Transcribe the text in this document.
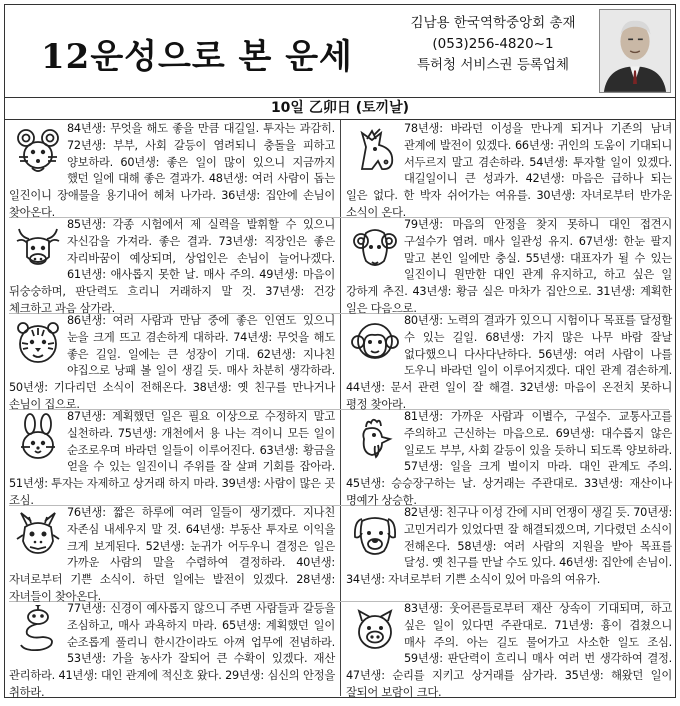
12운성으로 본 운세
김남용 한국역학중앙회 총재
(053)256-4820~1
특허청 서비스권 등록업체
10일 乙卯日 (토끼날)

84년생: 무엇을 해도 좋을 만큼 대길일. 투자는 과감히. 72년생: 부부, 사회 갈등이 염려되니 충돌을 피하고 양보하라. 60년생: 좋은 일이 많이 있으니 지금까지 했던 일에 대해 좋은 결과가. 48년생: 여러 사람이 돕는 일진이니 장애물을 용기내어 헤쳐 나가라. 36년생: 집안에 손님이 찾아온다.

78년생: 바라던 이성을 만나게 되거나 기존의 남녀 관계에 발전이 있겠다. 66년생: 귀인의 도움이 기대되니 서두르지 말고 겸손하라. 54년생: 투자할 일이 있겠다. 대길일이니 큰 성과가. 42년생: 마음은 급하나 되는 일은 없다. 한 박자 쉬어가는 여유를. 30년생: 자녀로부터 반가운 소식이 온다.

85년생: 각종 시험에서 제 실력을 발휘할 수 있으니 자신감을 가져라. 좋은 결과. 73년생: 직장인은 좋은 자리바꿈이 예상되며, 상업인은 손님이 늘어나겠다. 61년생: 애사롭지 못한 날. 매사 주의. 49년생: 마음이 뒤숭숭하며, 판단력도 흐리니 거래하지 말 것. 37년생: 건강 체크하고 과음 삼가라.

79년생: 마음의 안정을 찾지 못하니 대인 접견시 구설수가 염려. 매사 일관성 유지. 67년생: 한눈 팔지 말고 본인 일에만 충실. 55년생: 대표자가 될 수 있는 일진이니 원만한 대인 관계 유지하고, 하고 싶은 일 강하게 추진. 43년생: 황금 실은 마차가 집안으로. 31년생: 계획한 일은 다음으로.

86년생: 여러 사람과 만남 중에 좋은 인연도 있으니 눈을 크게 뜨고 겸손하게 대하라. 74년생: 무엇을 해도 좋은 길일. 일에는 큰 성장이 기대. 62년생: 지나친 야집으로 낭패 볼 일이 생길 듯. 매사 차분히 생각하라. 50년생: 기다리던 소식이 전해온다. 38년생: 옛 친구를 만나거나 손님이 집으로.

80년생: 노력의 결과가 있으니 시험이나 목표를 달성할 수 있는 길일. 68년생: 가지 많은 나무 바람 잘날 없다했으니 다사다난하다. 56년생: 여러 사람이 나를 도우니 바라던 일이 이루어지겠다. 대인 관계 겸손하게. 44년생: 문서 관련 일이 잘 해결. 32년생: 마음이 온전치 못하니 평정 찾아라.

87년생: 계획했던 일은 필요 이상으로 수정하지 말고 실천하라. 75년생: 개천에서 용 나는 격이니 모든 일이 순조로우며 바라던 일들이 이루어진다. 63년생: 황금을 얻을 수 있는 일진이니 주위를 잘 살펴 기회를 잡아라. 51년생: 투자는 자제하고 상거래 하지 마라. 39년생: 사람이 많은 곳 조심.

81년생: 가까운 사람과 이별수, 구설수. 교통사고를 주의하고 근신하는 마음으로. 69년생: 대수롭지 않은 일로도 부부, 사회 갈등이 있을 듯하니 되도록 양보하라. 57년생: 일을 크게 벌이지 마라. 대인 관계도 주의. 45년생: 승승장구하는 날. 상거래는 주관대로. 33년생: 재산이나 명예가 상승한.

76년생: 짧은 하루에 여러 일들이 생기겠다. 지나친 자존심 내세우지 말 것. 64년생: 부동산 투자로 이익을 크게 보게된다. 52년생: 눈귀가 어두우니 결정은 일은 가까운 사람의 말을 수렴하여 결정하라. 40년생: 자녀로부터 기쁜 소식이. 하던 일에는 발전이 있겠다. 28년생: 자녀들이 찾아온다.

82년생: 친구나 이성 간에 시비 언쟁이 생길 듯. 70년생: 고민거리가 있었다면 잘 해결되겠으며, 기다렸던 소식이 전해온다. 58년생: 여러 사람의 지원을 받아 목표를 달성. 옛 친구를 만날 수도 있다. 46년생: 집안에 손님이. 34년생: 자녀로부터 기쁜 소식이 있어 마음의 여유가.

77년생: 신경이 예사롭지 않으니 주변 사람들과 갈등을 조심하고, 매사 과욕하지 마라. 65년생: 계획했던 일이 순조롭게 풀리니 한시간이라도 아껴 업무에 전념하라. 53년생: 가을 농사가 잘되어 큰 수확이 있겠다. 재산 관리하라. 41년생: 대인 관계에 적신호 왔다. 29년생: 심신의 안정을 취하라.

83년생: 웃어른들로부터 재산 상속이 기대되며, 하고 싶은 일이 있다면 주관대로. 71년생: 흉이 겹쳤으니 매사 주의. 아는 길도 물어가고 사소한 일도 조심. 59년생: 판단력이 흐리니 매사 여러 번 생각하여 결정. 47년생: 순리를 지키고 상거래를 삼가라. 35년생: 해왔던 일이 잘되어 보람이 크다.
